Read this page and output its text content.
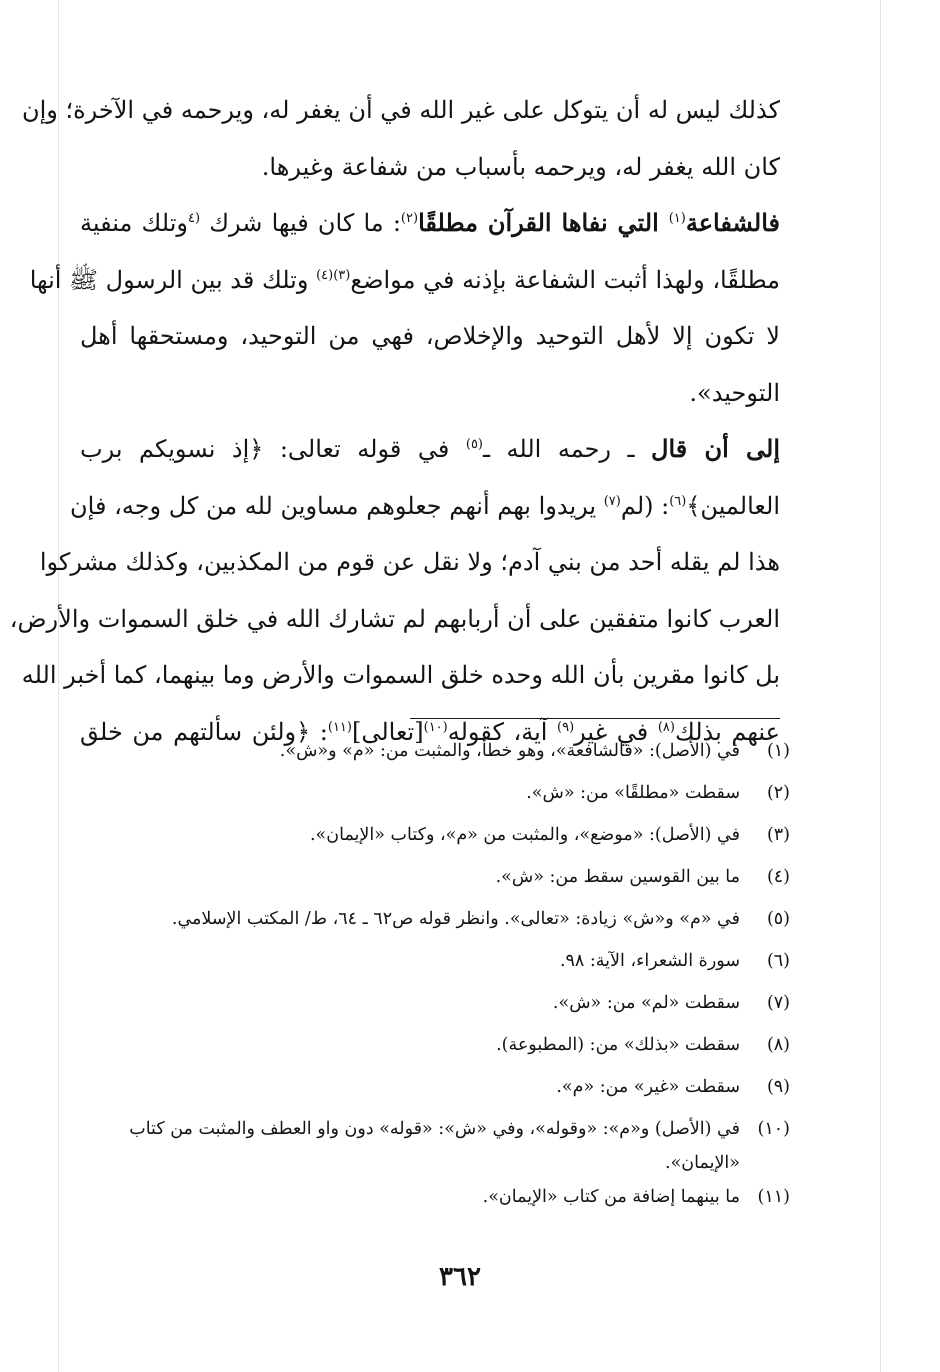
كذلك ليس له أن يتوكل على غير الله في أن يغفر له، ويرحمه في الآخرة؛ وإن
كان الله يغفر له، ويرحمه بأسباب من شفاعة وغيرها.
فالشفاعة$^{(١)}$ التي نفاها القرآن مطلقًا$^{(٢)}$: ما كان فيها شرك $^{(٤}$وتلك منفية
مطلقًا، ولهذا أثبت الشفاعة بإذنه في مواضع$^{(٣)(٤)}$ وتلك قد بين الرسول ﷺ أنها
لا تكون إلا لأهل التوحيد والإخلاص، فهي من التوحيد، ومستحقها أهل
التوحيد».
إلى أن قال ـ رحمه الله ـ$^{(٥)}$ في قوله تعالى: ﴿إذ نسويكم برب
العالمين﴾$^{(٦)}$: (لم$^{(٧)}$ يريدوا بهم أنهم جعلوهم مساوين لله من كل وجه، فإن
هذا لم يقله أحد من بني آدم؛ ولا نقل عن قوم من المكذبين، وكذلك مشركوا
العرب كانوا متفقين على أن أربابهم لم تشارك الله في خلق السموات والأرض،
بل كانوا مقرين بأن الله وحده خلق السموات والأرض وما بينهما، كما أخبر الله
عنهم بذلك$^{(٨)}$ في غير$^{(٩)}$ آية، كقوله$^{(١٠)}$[تعالى]$^{(١١)}$: ﴿ولئن سألتهم من خلق
(١)
في (الأصل): «فالشافعة»، وهو خطأ، والمثبت من: «م» و«ش».
(٢)
سقطت «مطلقًا» من: «ش».
(٣)
في (الأصل): «موضع»، والمثبت من «م»، وكتاب «الإيمان».
(٤)
ما بين القوسين سقط من: «ش».
(٥)
في «م» و«ش» زيادة: «تعالى». وانظر قوله ص٦٢ ـ ٦٤، ط/ المكتب الإسلامي.
(٦)
سورة الشعراء، الآية: ٩٨.
(٧)
سقطت «لم» من: «ش».
(٨)
سقطت «بذلك» من: (المطبوعة).
(٩)
سقطت «غير» من: «م».
(١٠)
في (الأصل) و«م»: «وقوله»، وفي «ش»: «قوله» دون واو العطف والمثبت من كتاب «الإيمان».
(١١)
ما بينهما إضافة من كتاب «الإيمان».
٣٦٢
